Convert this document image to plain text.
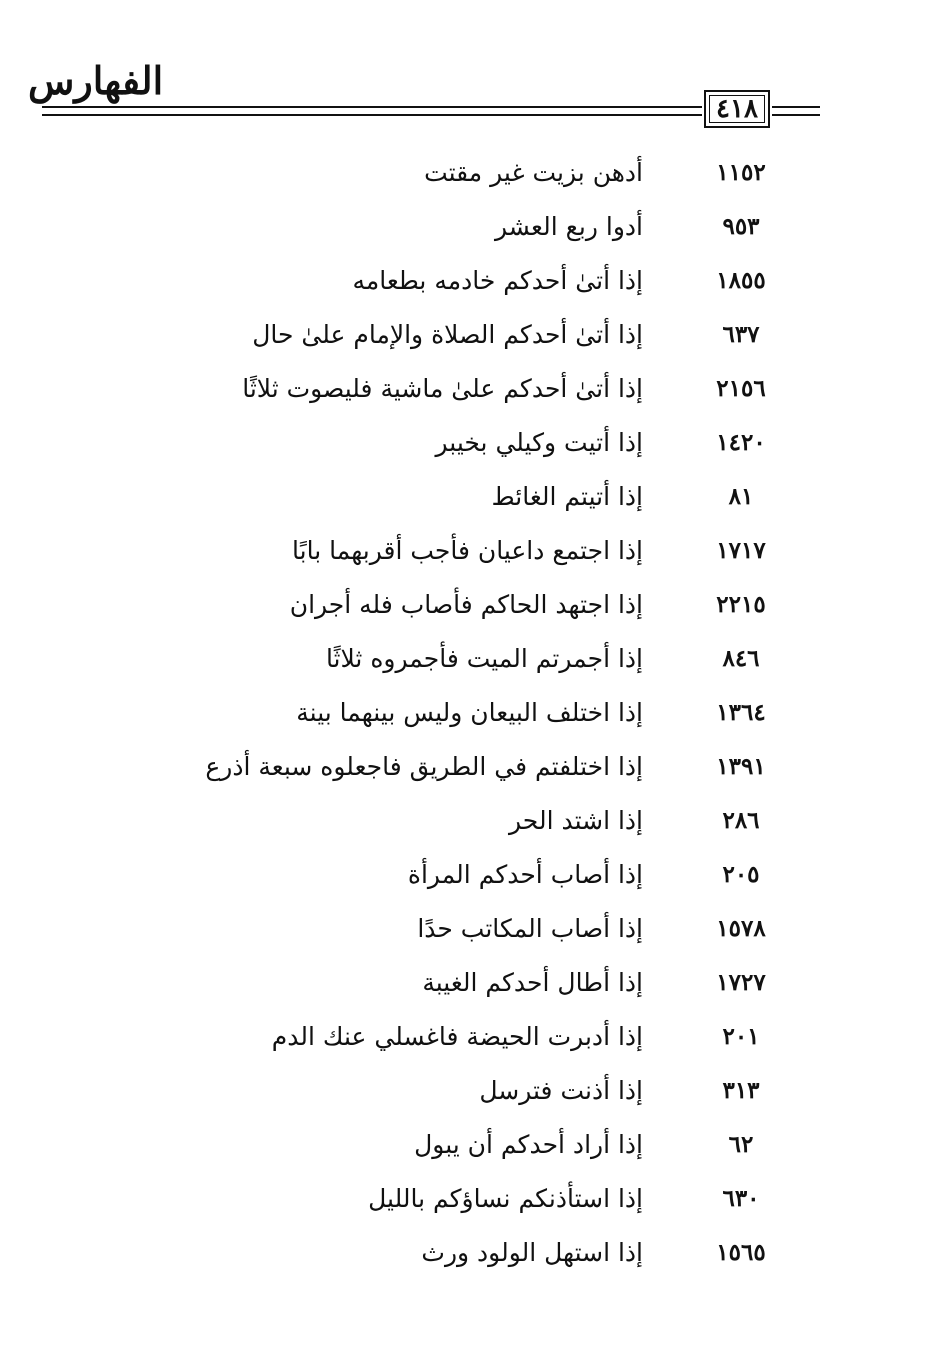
الفهارس
٤١٨
أدهن بزيت غير مقتت	١١٥٢
أدوا ربع العشر	٩٥٣
إذا أتىٰ أحدكم خادمه بطعامه	١٨٥٥
إذا أتىٰ أحدكم الصلاة والإمام علىٰ حال	٦٣٧
إذا أتىٰ أحدكم علىٰ ماشية فليصوت ثلاثًا	٢١٥٦
إذا أتيت وكيلي بخيبر	١٤٢٠
إذا أتيتم الغائط	٨١
إذا اجتمع داعيان فأجب أقربهما بابًا	١٧١٧
إذا اجتهد الحاكم فأصاب فله أجران	٢٢١٥
إذا أجمرتم الميت فأجمروه ثلاثًا	٨٤٦
إذا اختلف البيعان وليس بينهما بينة	١٣٦٤
إذا اختلفتم في الطريق فاجعلوه سبعة أذرع	١٣٩١
إذا اشتد الحر	٢٨٦
إذا أصاب أحدكم المرأة	٢٠٥
إذا أصاب المكاتب حدًا	١٥٧٨
إذا أطال أحدكم الغيبة	١٧٢٧
إذا أدبرت الحيضة فاغسلي عنك الدم	٢٠١
إذا أذنت فترسل	٣١٣
إذا أراد أحدكم أن يبول	٦٢
إذا استأذنكم نساؤكم بالليل	٦٣٠
إذا استهل الولود ورث	١٥٦٥
